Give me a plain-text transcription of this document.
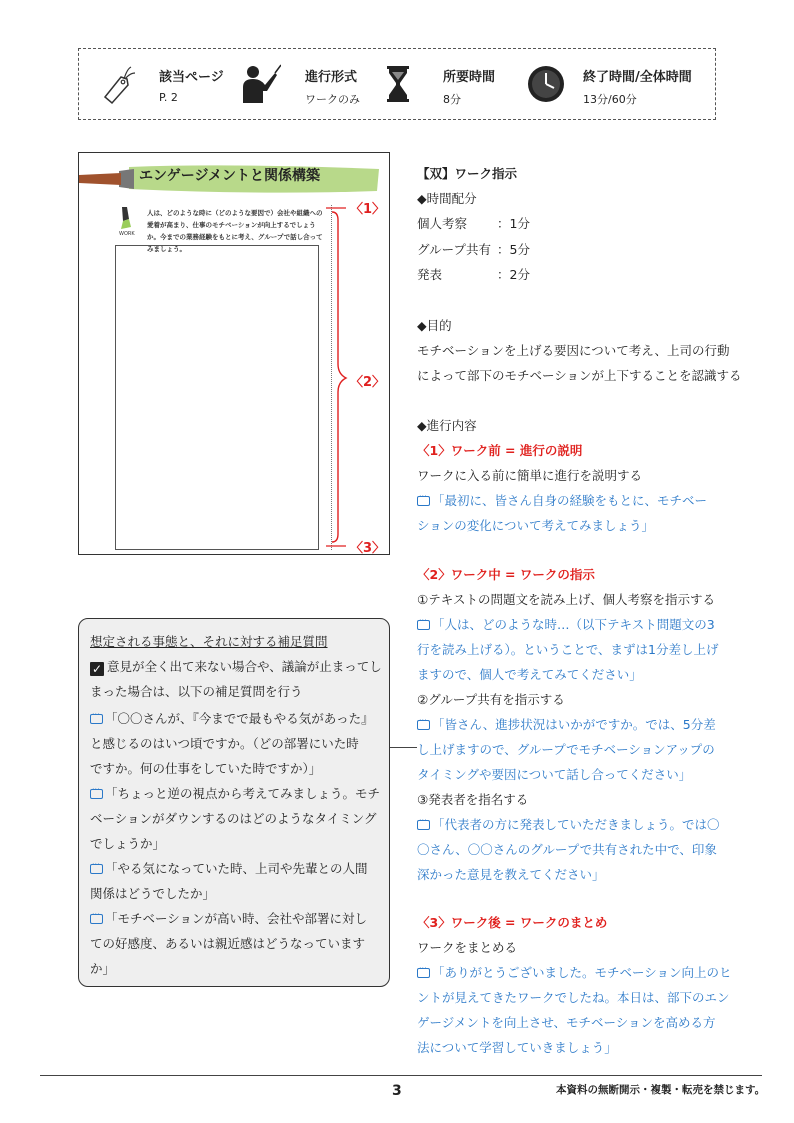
該当ページ
P. 2
進行形式
ワークのみ
所要時間
8分
終了時間/全体時間
13分/60分
エンゲージメントと関係構築
WORK
人は、どのような時に（どのような要因で）会社や組織への愛着が高まり、仕事のモチベーションが向上するでしょうか。今までの業務経験をもとに考え、グループで話し合ってみましょう。
〈1〉
〈2〉
〈3〉
【双】ワーク指示
◆時間配分
個人考察 ：1分
グループ共有 ：5分
発表	：2分
◆目的
モチベーションを上げる要因について考え、上司の行動
によって部下のモチベーションが上下することを認識する
◆進行内容
〈1〉ワーク前 = 進行の説明
ワークに入る前に簡単に進行を説明する
···「最初に、皆さん自身の経験をもとに、モチベー
ションの変化について考えてみましょう」
〈2〉ワーク中 = ワークの指示
①テキストの問題文を読み上げ、個人考察を指示する
···「人は、どのような時…（以下テキスト問題文の3
行を読み上げる）。ということで、まずは1分差し上げ
ますので、個人で考えてみてください」
②グループ共有を指示する
···「皆さん、進捗状況はいかがですか。では、5分差
し上げますので、グループでモチベーションアップの
タイミングや要因について話し合ってください」
③発表者を指名する
···「代表者の方に発表していただきましょう。では〇
〇さん、〇〇さんのグループで共有された中で、印象
深かった意見を教えてください」
〈3〉ワーク後 = ワークのまとめ
ワークをまとめる
···「ありがとうございました。モチベーション向上のヒ
ントが見えてきたワークでしたね。本日は、部下のエン
ゲージメントを向上させ、モチベーションを高める方
法について学習していきましょう」
想定される事態と、それに対する補足質問
✓ 意見が全く出て来ない場合や、議論が止まってし
まった場合は、以下の補足質問を行う
···「〇〇さんが、『今までで最もやる気があった』
と感じるのはいつ頃ですか。（どの部署にいた時
ですか。何の仕事をしていた時ですか）」
···「ちょっと逆の視点から考えてみましょう。モチ
ベーションがダウンするのはどのようなタイミング
でしょうか」
···「やる気になっていた時、上司や先輩との人間
関係はどうでしたか」
···「モチベーションが高い時、会社や部署に対し
ての好感度、あるいは親近感はどうなっています
か」
3	本資料の無断開示・複製・転売を禁じます。
